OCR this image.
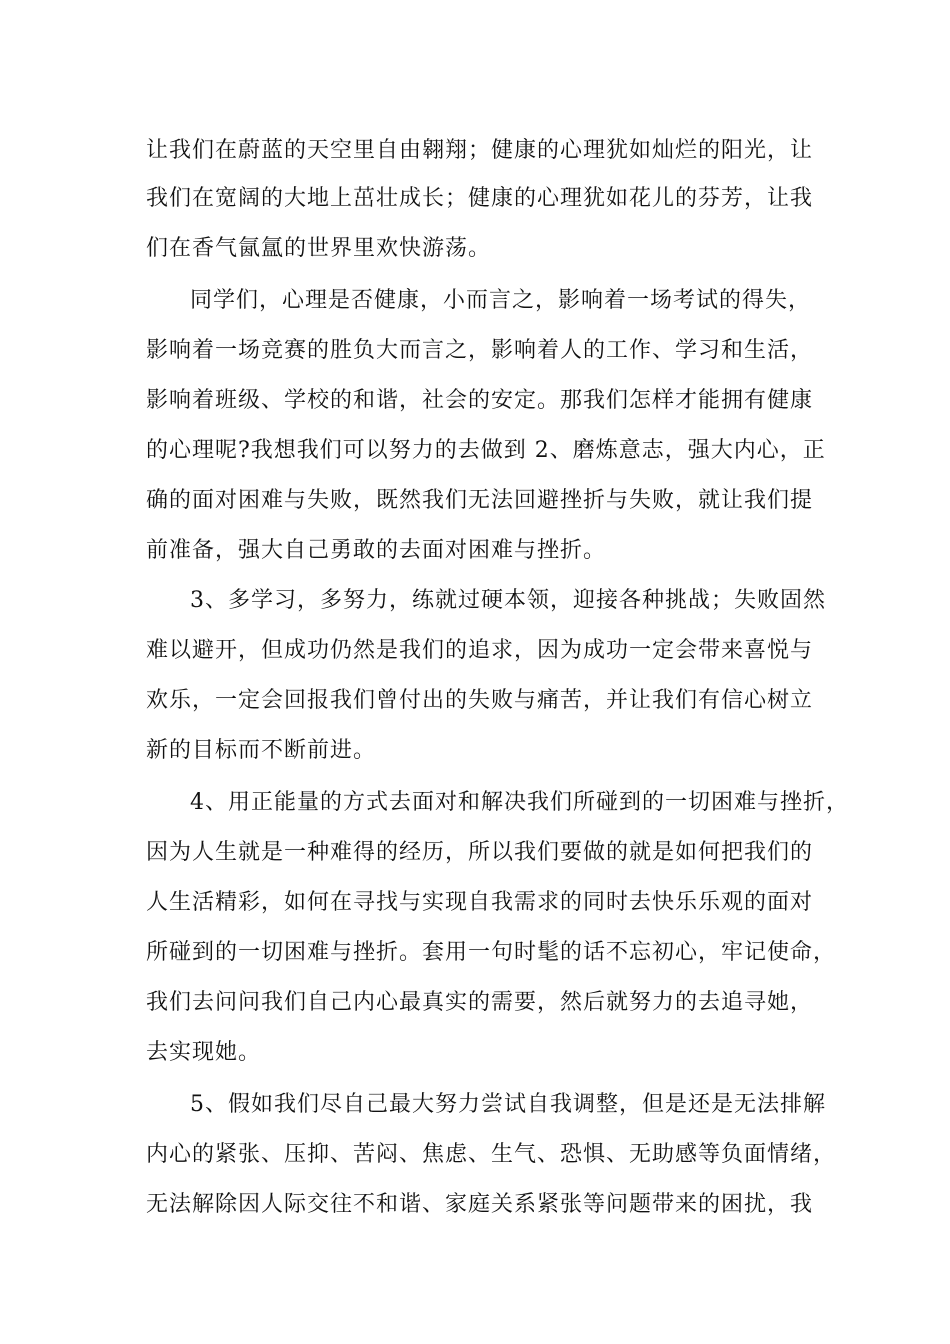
让我们在蔚蓝的天空里自由翱翔；健康的心理犹如灿烂的阳光，让
我们在宽阔的大地上茁壮成长；健康的心理犹如花儿的芬芳，让我
们在香气氤氲的世界里欢快游荡。
同学们，心理是否健康，小而言之，影响着一场考试的得失，
影响着一场竞赛的胜负大而言之，影响着人的工作、学习和生活，
影响着班级、学校的和谐，社会的安定。那我们怎样才能拥有健康
的心理呢?我想我们可以努力的去做到 2、磨炼意志，强大内心，正
确的面对困难与失败，既然我们无法回避挫折与失败，就让我们提
前准备，强大自己勇敢的去面对困难与挫折。
3、多学习，多努力，练就过硬本领，迎接各种挑战；失败固然
难以避开，但成功仍然是我们的追求，因为成功一定会带来喜悦与
欢乐，一定会回报我们曾付出的失败与痛苦，并让我们有信心树立
新的目标而不断前进。
4、用正能量的方式去面对和解决我们所碰到的一切困难与挫折，
因为人生就是一种难得的经历，所以我们要做的就是如何把我们的
人生活精彩，如何在寻找与实现自我需求的同时去快乐乐观的面对
所碰到的一切困难与挫折。套用一句时髦的话不忘初心，牢记使命，
我们去问问我们自己内心最真实的需要，然后就努力的去追寻她，
去实现她。
5、假如我们尽自己最大努力尝试自我调整，但是还是无法排解
内心的紧张、压抑、苦闷、焦虑、生气、恐惧、无助感等负面情绪，
无法解除因人际交往不和谐、家庭关系紧张等问题带来的困扰，我
